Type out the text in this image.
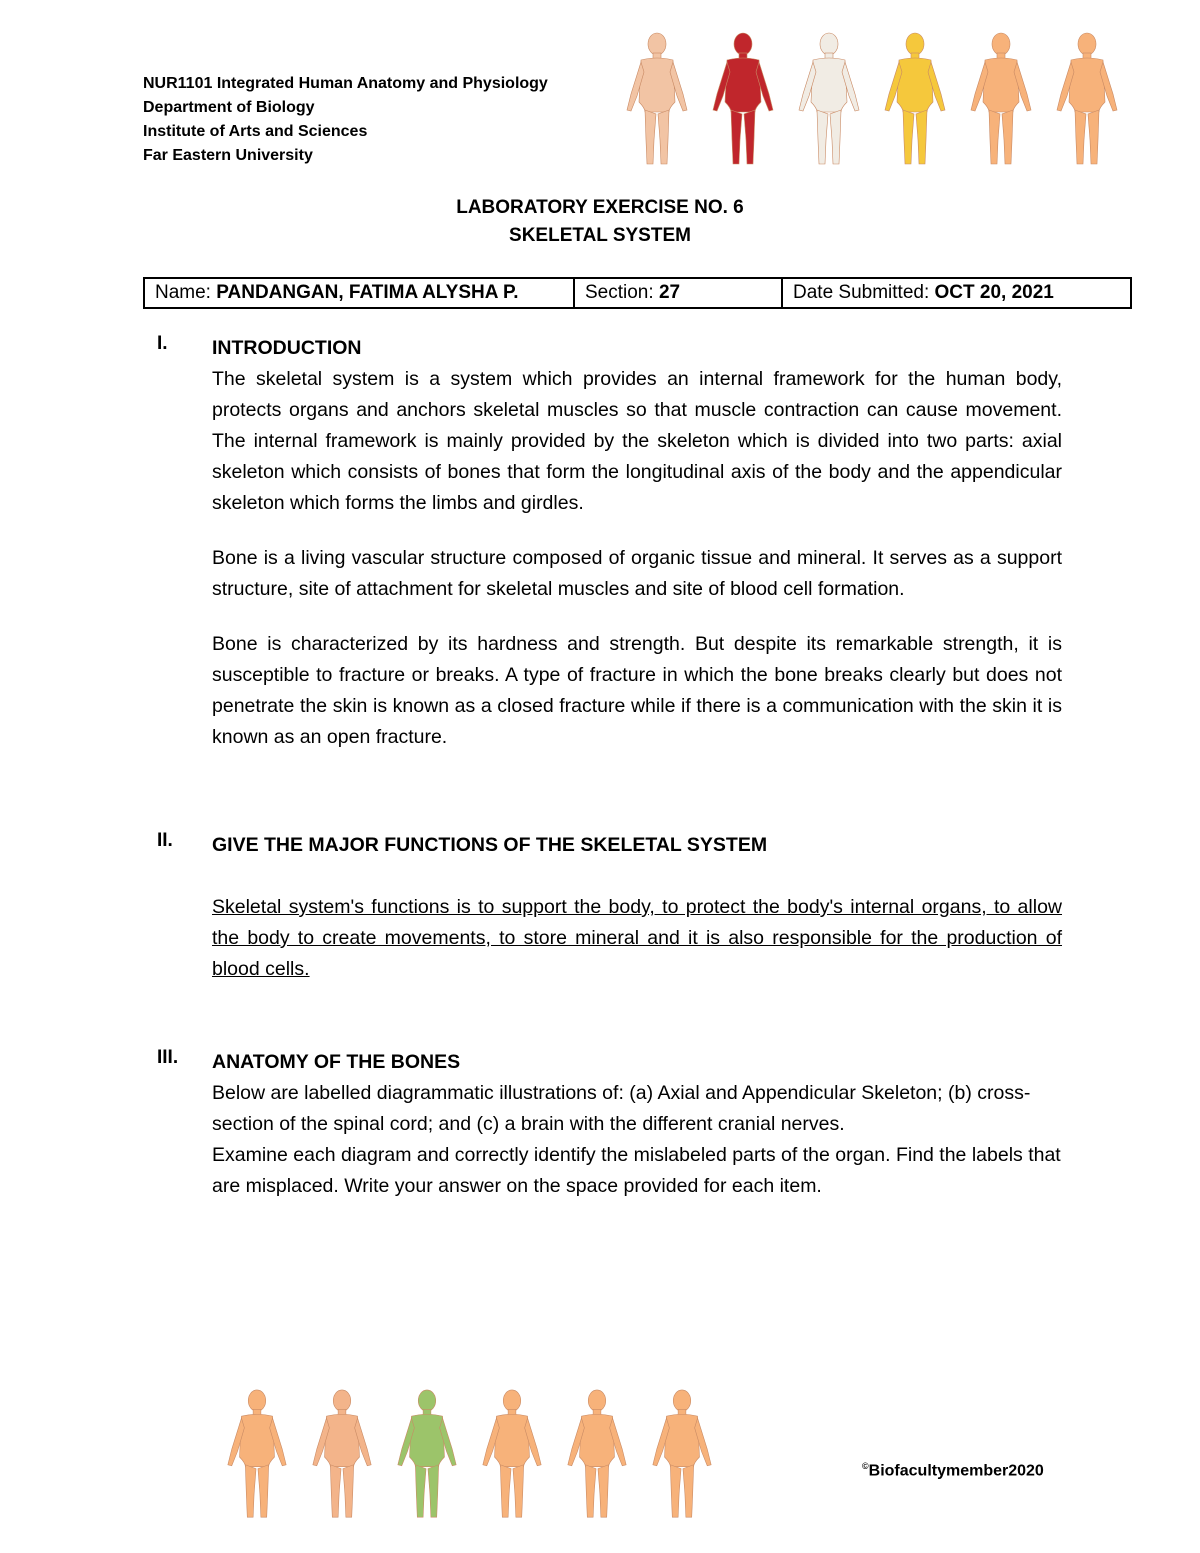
NUR1101 Integrated Human Anatomy and Physiology
Department of Biology
Institute of Arts and Sciences
Far Eastern University
LABORATORY EXERCISE NO. 6
SKELETAL SYSTEM
Name: PANDANGAN, FATIMA ALYSHA P.	Section: 27	Date Submitted: OCT 20, 2021
I. INTRODUCTION

The skeletal system is a system which provides an internal framework for the human body, protects organs and anchors skeletal muscles so that muscle contraction can cause movement. The internal framework is mainly provided by the skeleton which is divided into two parts: axial skeleton which consists of bones that form the longitudinal axis of the body and the appendicular skeleton which forms the limbs and girdles.

Bone is a living vascular structure composed of organic tissue and mineral. It serves as a support structure, site of attachment for skeletal muscles and site of blood cell formation.

Bone is characterized by its hardness and strength. But despite its remarkable strength, it is susceptible to fracture or breaks. A type of fracture in which the bone breaks clearly but does not penetrate the skin is known as a closed fracture while if there is a communication with the skin it is known as an open fracture.

II. GIVE THE MAJOR FUNCTIONS OF THE SKELETAL SYSTEM

Skeletal system's functions is to support the body, to protect the body's internal organs, to allow the body to create movements, to store mineral and it is also responsible for the production of blood cells.

III. ANATOMY OF THE BONES

Below are labelled diagrammatic illustrations of: (a) Axial and Appendicular Skeleton; (b) cross-section of the spinal cord; and (c) a brain with the different cranial nerves.

Examine each diagram and correctly identify the mislabeled parts of the organ. Find the labels that are misplaced. Write your answer on the space provided for each item.

©Biofacultymember2020
